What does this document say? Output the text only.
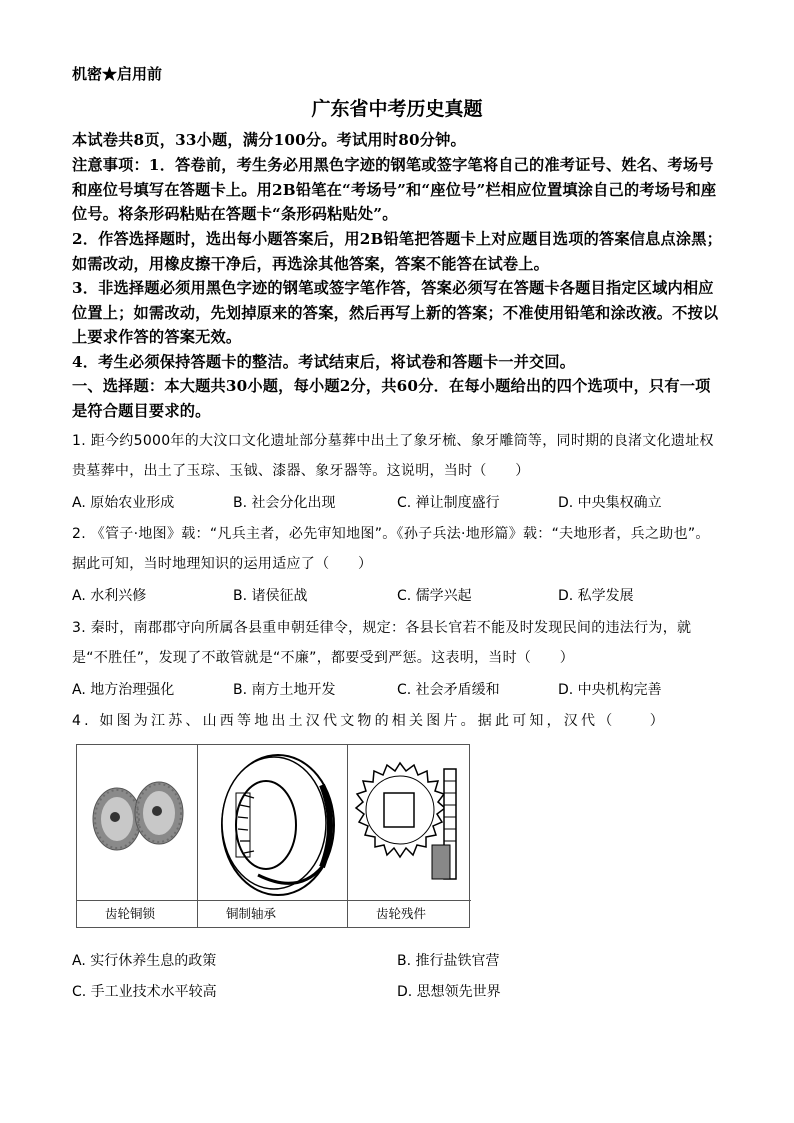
机密★启用前
广东省中考历史真题
本试卷共8页，33小题，满分100分。考试用时80分钟。
注意事项：1．答卷前，考生务必用黑色字迹的钢笔或签字笔将自己的准考证号、姓名、考场号和座位号填写在答题卡上。用2B铅笔在“考场号”和“座位号”栏相应位置填涂自己的考场号和座位号。将条形码粘贴在答题卡“条形码粘贴处”。
2．作答选择题时，选出每小题答案后，用2B铅笔把答题卡上对应题目选项的答案信息点涂黑；如需改动，用橡皮擦干净后，再选涂其他答案，答案不能答在试卷上。
3．非选择题必须用黑色字迹的钢笔或签字笔作答，答案必须写在答题卡各题目指定区域内相应位置上；如需改动，先划掉原来的答案，然后再写上新的答案；不准使用铅笔和涂改液。不按以上要求作答的答案无效。
4．考生必须保持答题卡的整洁。考试结束后，将试卷和答题卡一并交回。
一、选择题：本大题共30小题，每小题2分，共60分．在每小题给出的四个选项中，只有一项是符合题目要求的。
1. 距今约5000年的大汶口文化遗址部分墓葬中出土了象牙梳、象牙雕筒等，同时期的良渚文化遗址权贵墓葬中，出土了玉琮、玉钺、漆器、象牙器等。这说明，当时（　　）
A. 原始农业形成	B. 社会分化出现	C. 禅让制度盛行	D. 中央集权确立
2. 《管子·地图》载：“凡兵主者，必先审知地图”。《孙子兵法·地形篇》载：“夫地形者，兵之助也”。据此可知，当时地理知识的运用适应了（　　）
A. 水利兴修	B. 诸侯征战	C. 儒学兴起	D. 私学发展
3. 秦时，南郡郡守向所属各县重申朝廷律令，规定：各县长官若不能及时发现民间的违法行为，就是“不胜任”，发现了不敢管就是“不廉”，都要受到严惩。这表明，当时（　　）
A. 地方治理强化	B. 南方土地开发	C. 社会矛盾缓和	D. 中央机构完善
4. 如图为江苏、山西等地出土汉代文物的相关图片。据此可知，汉代（　　）
齿轮铜锁	铜制轴承	齿轮残件
A. 实行休养生息的政策	B. 推行盐铁官营
C. 手工业技术水平较高	D. 思想领先世界
